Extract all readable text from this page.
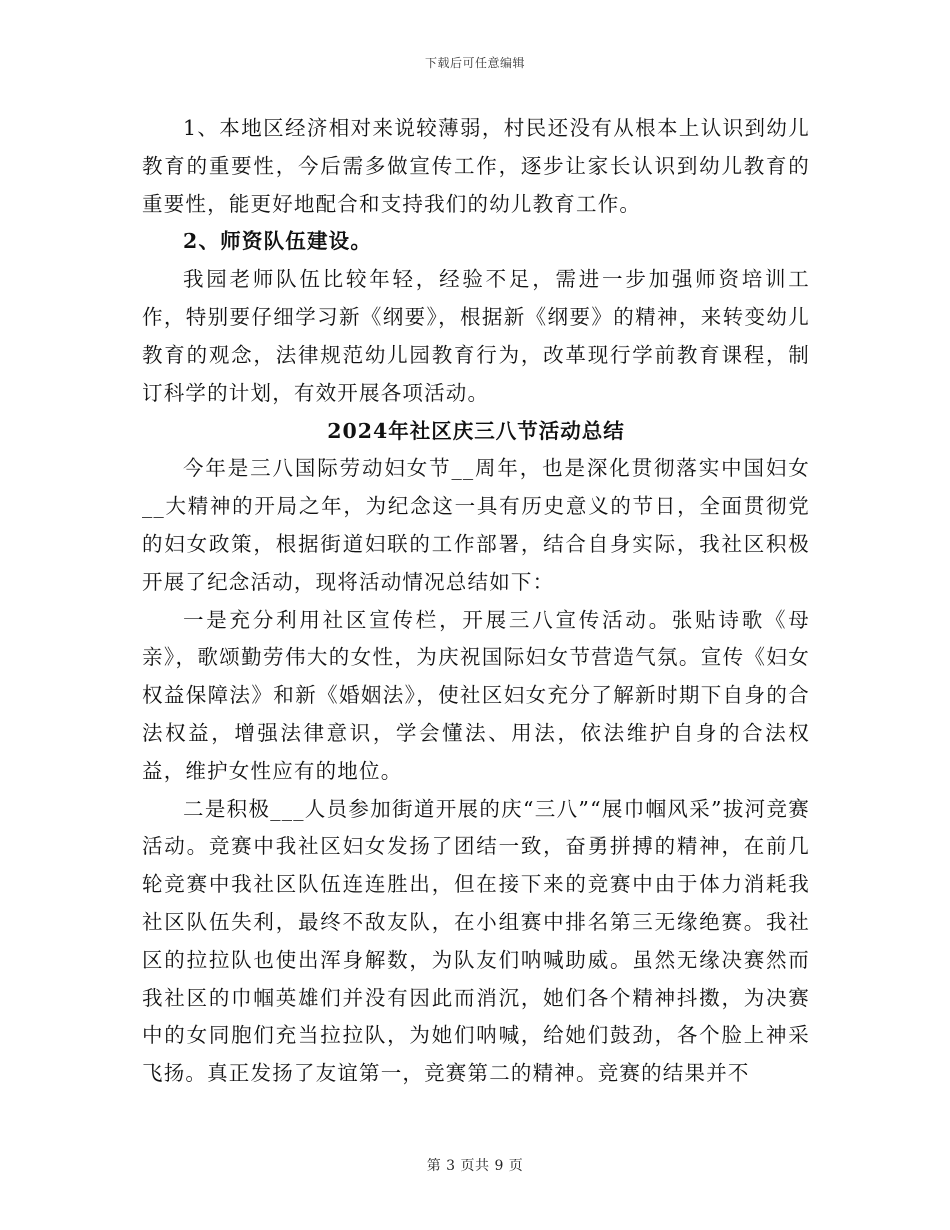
下载后可任意编辑

1、本地区经济相对来说较薄弱，村民还没有从根本上认识到幼儿教育的重要性，今后需多做宣传工作，逐步让家长认识到幼儿教育的重要性，能更好地配合和支持我们的幼儿教育工作。

2、师资队伍建设。

我园老师队伍比较年轻，经验不足，需进一步加强师资培训工作，特别要仔细学习新《纲要》，根据新《纲要》的精神，来转变幼儿教育的观念，法律规范幼儿园教育行为，改革现行学前教育课程，制订科学的计划，有效开展各项活动。

2024年社区庆三八节活动总结

今年是三八国际劳动妇女节__周年，也是深化贯彻落实中国妇女__大精神的开局之年，为纪念这一具有历史意义的节日，全面贯彻党的妇女政策，根据街道妇联的工作部署，结合自身实际，我社区积极开展了纪念活动，现将活动情况总结如下：

一是充分利用社区宣传栏，开展三八宣传活动。张贴诗歌《母亲》，歌颂勤劳伟大的女性，为庆祝国际妇女节营造气氛。宣传《妇女权益保障法》和新《婚姻法》，使社区妇女充分了解新时期下自身的合法权益，增强法律意识，学会懂法、用法，依法维护自身的合法权益，维护女性应有的地位。

二是积极___人员参加街道开展的庆“三八”“展巾帼风采”拔河竞赛活动。竞赛中我社区妇女发扬了团结一致，奋勇拼搏的精神，在前几轮竞赛中我社区队伍连连胜出，但在接下来的竞赛中由于体力消耗我社区队伍失利，最终不敌友队，在小组赛中排名第三无缘绝赛。我社区的拉拉队也使出浑身解数，为队友们呐喊助威。虽然无缘决赛然而我社区的巾帼英雄们并没有因此而消沉，她们各个精神抖擞，为决赛中的女同胞们充当拉拉队，为她们呐喊，给她们鼓劲，各个脸上神采飞扬。真正发扬了友谊第一，竞赛第二的精神。竞赛的结果并不

第 3 页共 9 页
